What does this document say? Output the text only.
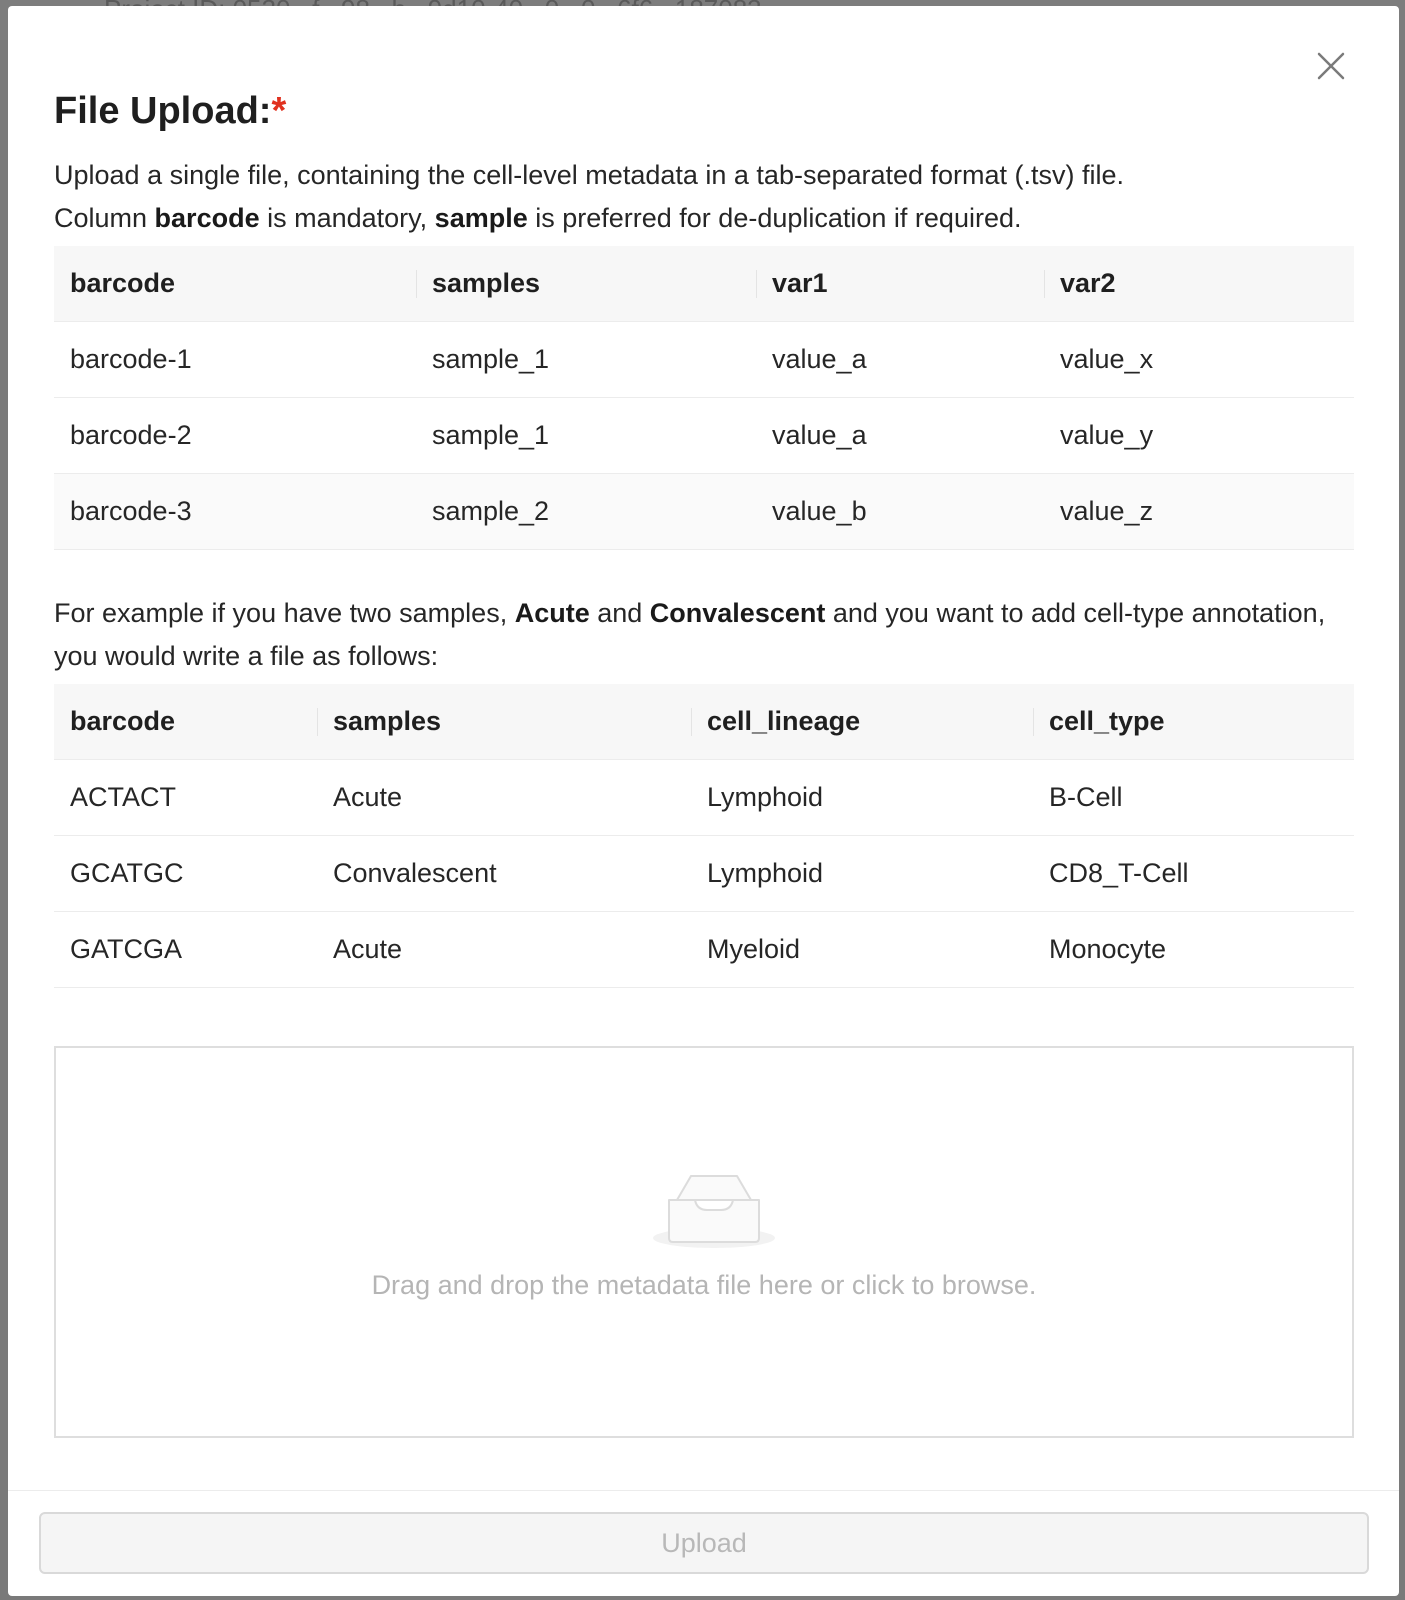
File Upload:*

Upload a single file, containing the cell-level metadata in a tab-separated format (.tsv) file.
Column barcode is mandatory, sample is preferred for de-duplication if required.

barcode	samples	var1	var2
barcode-1	sample_1	value_a	value_x
barcode-2	sample_1	value_a	value_y
barcode-3	sample_2	value_b	value_z

For example if you have two samples, Acute and Convalescent and you want to add cell-type annotation, you would write a file as follows:

barcode	samples	cell_lineage	cell_type
ACTACT	Acute	Lymphoid	B-Cell
GCATGC	Convalescent	Lymphoid	CD8_T-Cell
GATCGA	Acute	Myeloid	Monocyte
Drag and drop the metadata file here or click to browse.
Upload
